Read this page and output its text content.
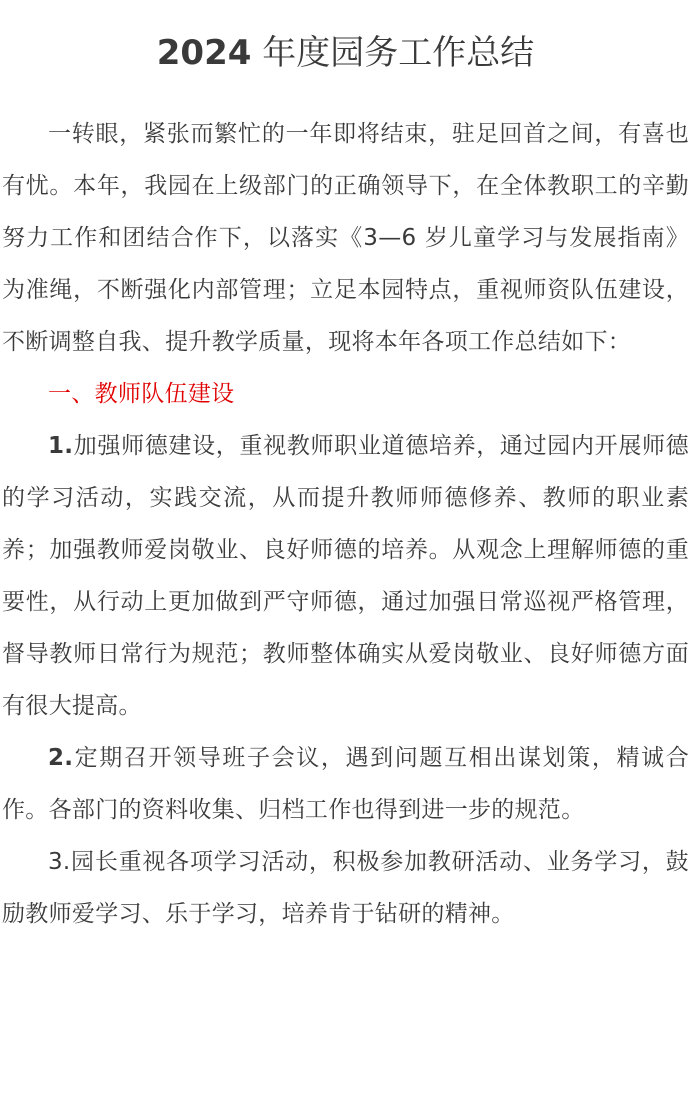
2024 年度园务工作总结

一转眼，紧张而繁忙的一年即将结束，驻足回首之间，有喜也有忧。本年，我园在上级部门的正确领导下，在全体教职工的辛勤努力工作和团结合作下，以落实《3—6 岁儿童学习与发展指南》为准绳，不断强化内部管理；立足本园特点，重视师资队伍建设，不断调整自我、提升教学质量，现将本年各项工作总结如下：

一、教师队伍建设

1.加强师德建设，重视教师职业道德培养，通过园内开展师德的学习活动，实践交流，从而提升教师师德修养、教师的职业素养；加强教师爱岗敬业、良好师德的培养。从观念上理解师德的重要性，从行动上更加做到严守师德，通过加强日常巡视严格管理，督导教师日常行为规范；教师整体确实从爱岗敬业、良好师德方面有很大提高。

2.定期召开领导班子会议，遇到问题互相出谋划策，精诚合作。各部门的资料收集、归档工作也得到进一步的规范。

3.园长重视各项学习活动，积极参加教研活动、业务学习，鼓励教师爱学习、乐于学习，培养肯于钻研的精神。
